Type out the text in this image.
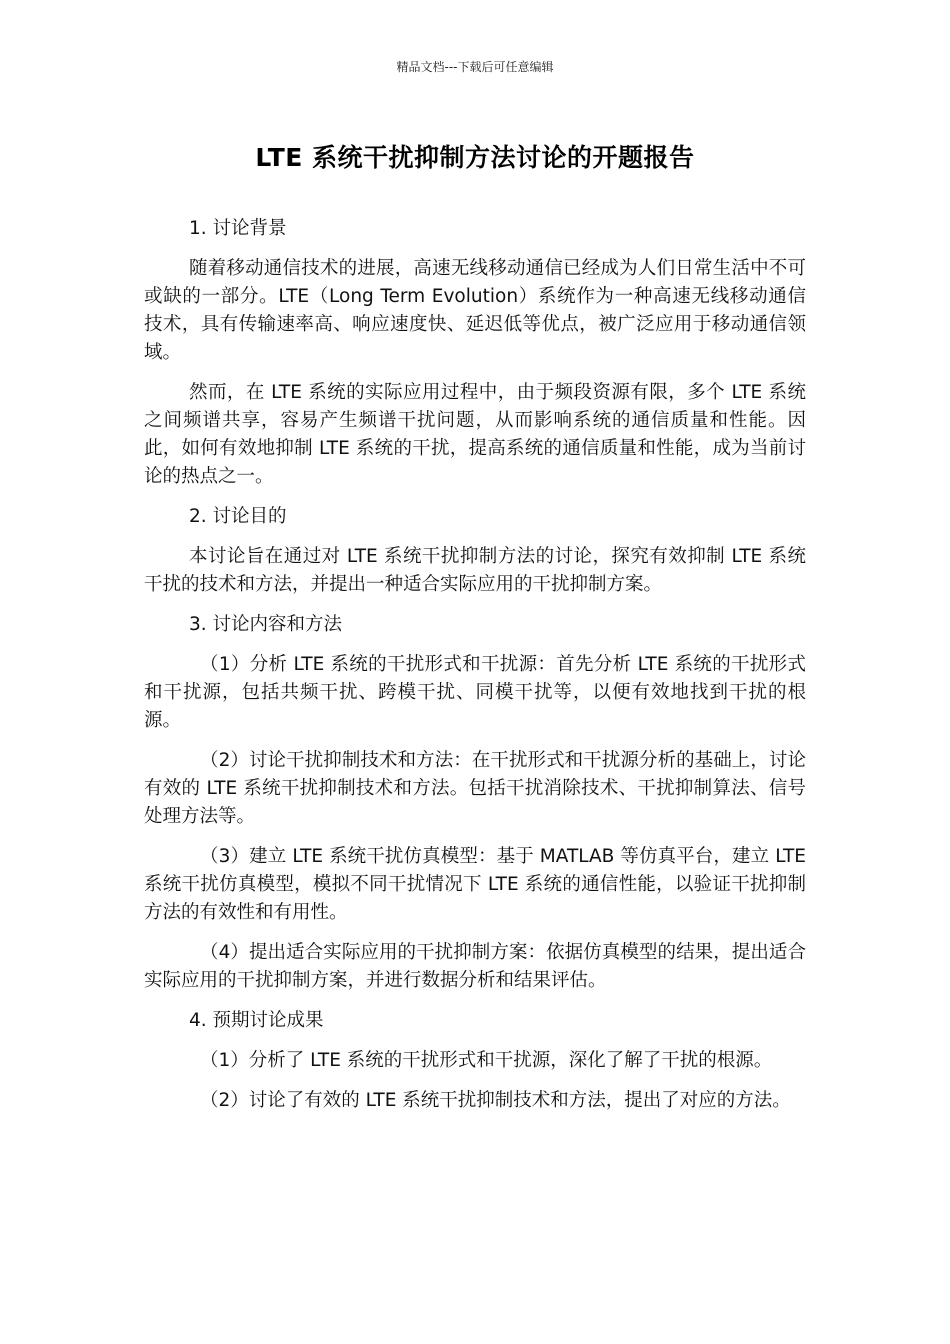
精品文档---下载后可任意编辑
LTE 系统干扰抑制方法讨论的开题报告

1. 讨论背景

随着移动通信技术的进展，高速无线移动通信已经成为人们日常生活中不可或缺的一部分。LTE（Long Term Evolution）系统作为一种高速无线移动通信技术，具有传输速率高、响应速度快、延迟低等优点，被广泛应用于移动通信领域。

然而，在 LTE 系统的实际应用过程中，由于频段资源有限，多个 LTE 系统之间频谱共享，容易产生频谱干扰问题，从而影响系统的通信质量和性能。因此，如何有效地抑制 LTE 系统的干扰，提高系统的通信质量和性能，成为当前讨论的热点之一。

2. 讨论目的

本讨论旨在通过对 LTE 系统干扰抑制方法的讨论，探究有效抑制 LTE 系统干扰的技术和方法，并提出一种适合实际应用的干扰抑制方案。

3. 讨论内容和方法

（1）分析 LTE 系统的干扰形式和干扰源：首先分析 LTE 系统的干扰形式和干扰源，包括共频干扰、跨模干扰、同模干扰等，以便有效地找到干扰的根源。

（2）讨论干扰抑制技术和方法：在干扰形式和干扰源分析的基础上，讨论有效的 LTE 系统干扰抑制技术和方法。包括干扰消除技术、干扰抑制算法、信号处理方法等。

（3）建立 LTE 系统干扰仿真模型：基于 MATLAB 等仿真平台，建立 LTE 系统干扰仿真模型，模拟不同干扰情况下 LTE 系统的通信性能，以验证干扰抑制方法的有效性和有用性。

（4）提出适合实际应用的干扰抑制方案：依据仿真模型的结果，提出适合实际应用的干扰抑制方案，并进行数据分析和结果评估。

4. 预期讨论成果

（1）分析了 LTE 系统的干扰形式和干扰源，深化了解了干扰的根源。

（2）讨论了有效的 LTE 系统干扰抑制技术和方法，提出了对应的方法。
